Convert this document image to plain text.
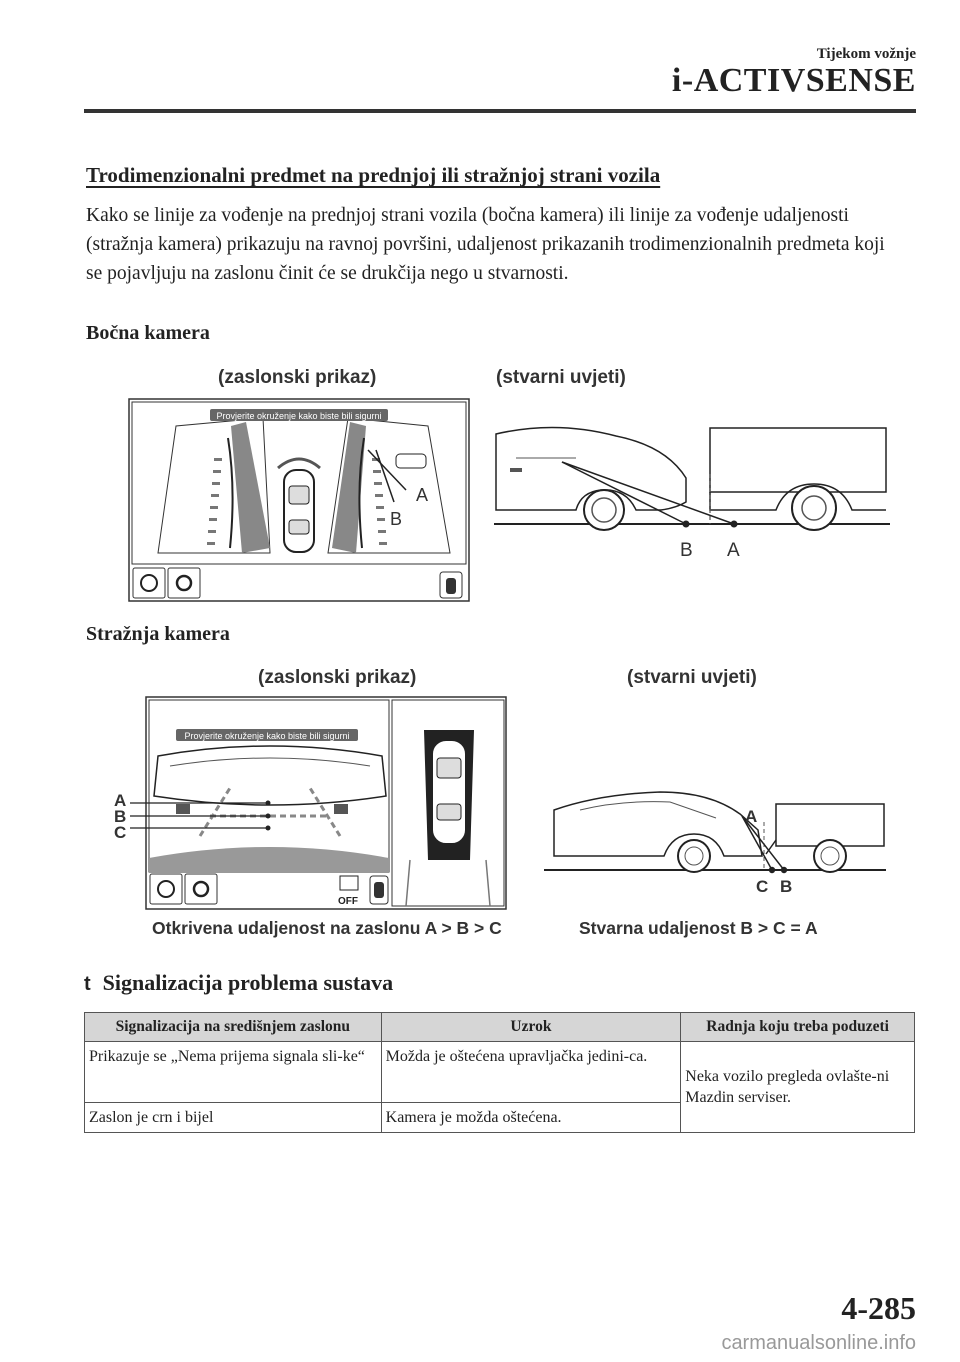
Tijekom vožnje
i-ACTIVSENSE
Trodimenzionalni predmet na prednjoj ili stražnjoj strani vozila
Kako se linije za vođenje na prednjoj strani vozila (bočna kamera) ili linije za vođenje udaljenosti (stražnja kamera) prikazuju na ravnoj površini, udaljenost prikazanih trodimenzionalnih predmeta koji se pojavljuju na zaslonu činit će se drukčija nego u stvarnosti.
Bočna kamera
(zaslonski prikaz)	(stvarni uvjeti)
A
B
Provjerite okruženje kako biste bili sigurni
B A
Stražnja kamera
(zaslonski prikaz)	(stvarni uvjeti)
A
B
C
Provjerite okruženje kako biste bili sigurni
OFF
A
C B
Otkrivena udaljenost na zaslonu A > B > C	Stvarna udaljenost B > C = A
t Signalizacija problema sustava
Signalizacija na središnjem zaslonu	Uzrok	Radnja koju treba poduzeti
Prikazuje se „Nema prijema signala sli-ke“	Možda je oštećena upravljačka jedini-ca.	Neka vozilo pregleda ovlašte-ni Mazdin serviser.
Zaslon je crn i bijel	Kamera je možda oštećena.	
4-285
carmanualsonline.info
